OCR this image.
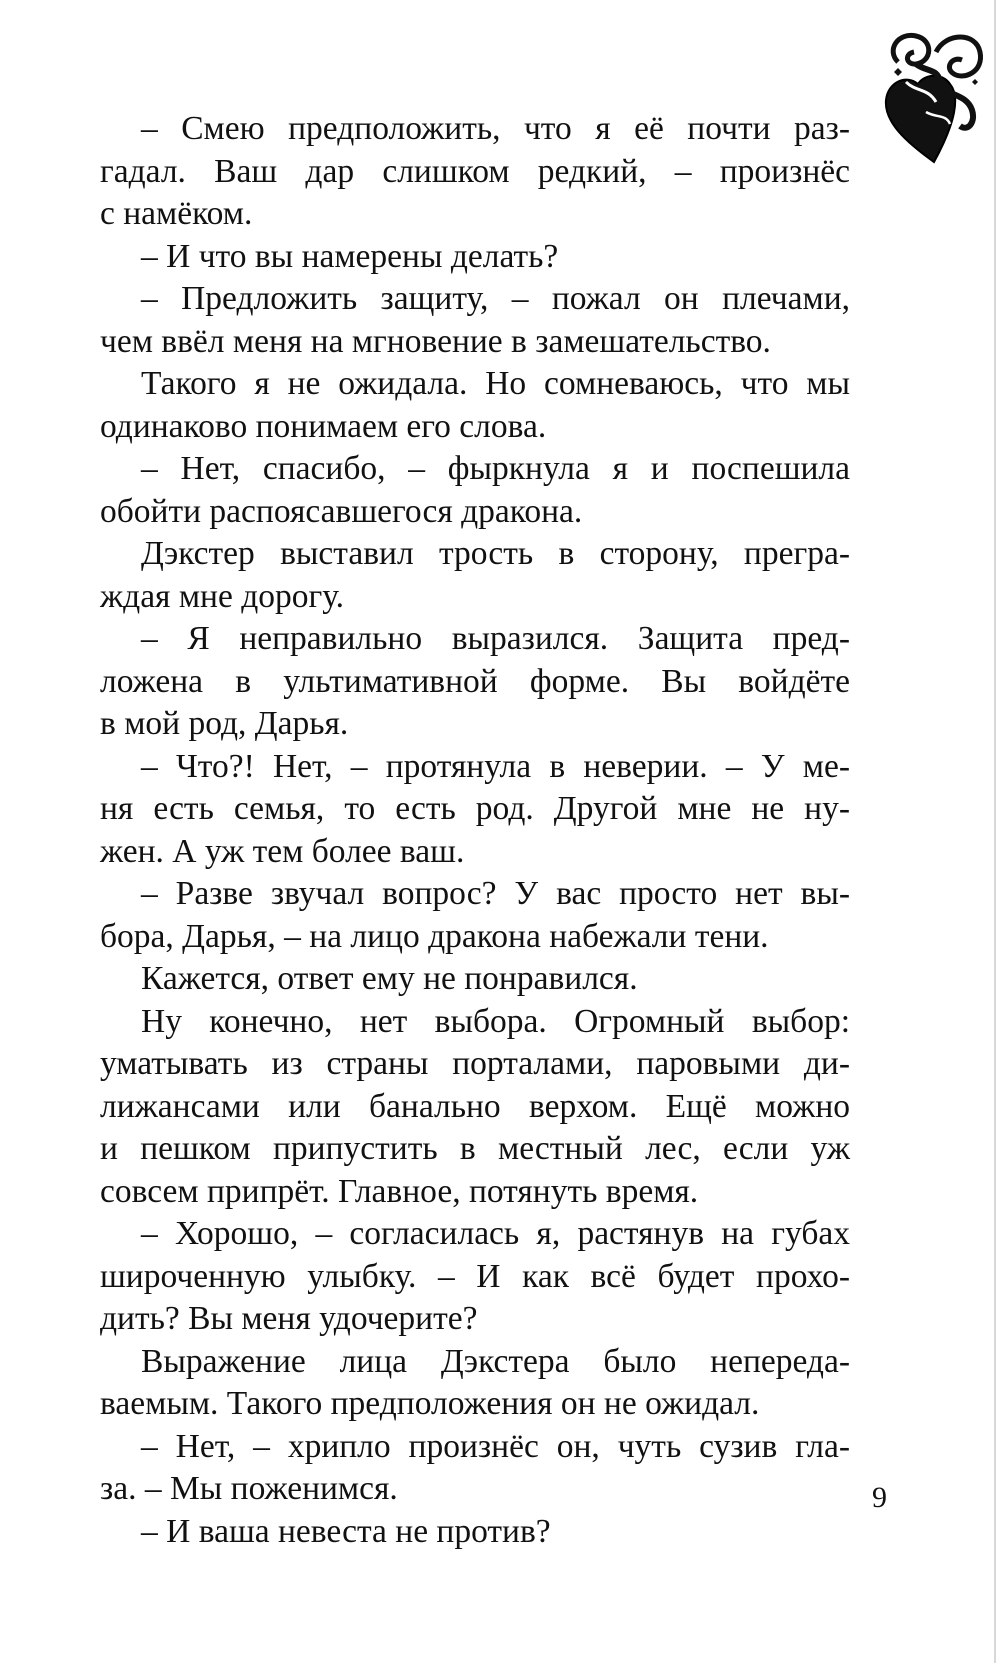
– Смею предположить, что я её почти раз-
гадал. Ваш дар слишком редкий, – произнёс
с намёком.
– И что вы намерены делать?
– Предложить защиту, – пожал он плечами,
чем ввёл меня на мгновение в замешательство.
Такого я не ожидала. Но сомневаюсь, что мы
одинаково понимаем его слова.
– Нет, спасибо, – фыркнула я и поспешила
обойти распоясавшегося дракона.
Дэкстер выставил трость в сторону, прегра-
ждая мне дорогу.
– Я неправильно выразился. Защита пред-
ложена в ультимативной форме. Вы войдёте
в мой род, Дарья.
– Что?! Нет, – протянула в неверии. – У ме-
ня есть семья, то есть род. Другой мне не ну-
жен. А уж тем более ваш.
– Разве звучал вопрос? У вас просто нет вы-
бора, Дарья, – на лицо дракона набежали тени.
Кажется, ответ ему не понравился.
Ну конечно, нет выбора. Огромный выбор:
уматывать из страны порталами, паровыми ди-
лижансами или банально верхом. Ещё можно
и пешком припустить в местный лес, если уж
совсем припрёт. Главное, потянуть время.
– Хорошо, – согласилась я, растянув на губах
широченную улыбку. – И как всё будет прохо-
дить? Вы меня удочерите?
Выражение лица Дэкстера было непереда-
ваемым. Такого предположения он не ожидал.
– Нет, – хрипло произнёс он, чуть сузив гла-
за. – Мы поженимся.
– И ваша невеста не против?
9
